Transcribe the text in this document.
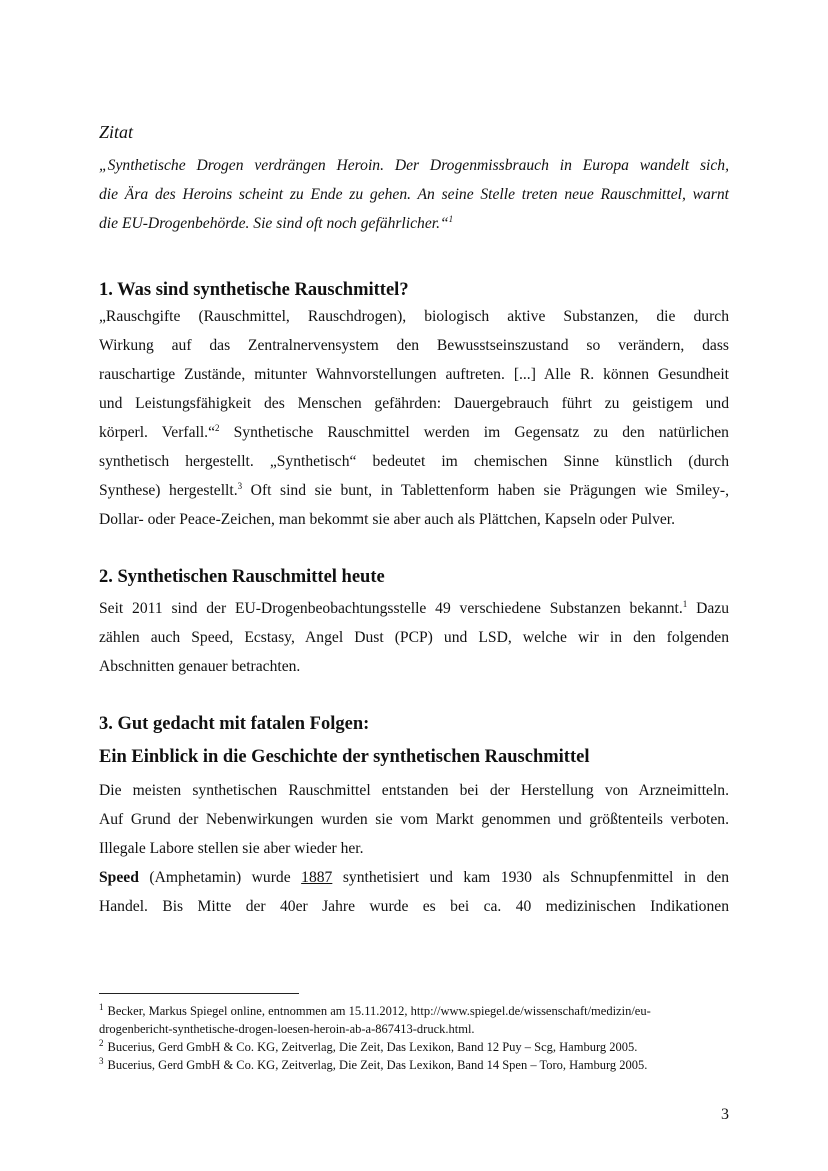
Zitat
„Synthetische Drogen verdrängen Heroin. Der Drogenmissbrauch in Europa wandelt sich,
die Ära des Heroins scheint zu Ende zu gehen. An seine Stelle treten neue Rauschmittel, warnt
die EU-Drogenbehörde. Sie sind oft noch gefährlicher.“$^1$
1. Was sind synthetische Rauschmittel?
„Rauschgifte (Rauschmittel, Rauschdrogen), biologisch aktive Substanzen, die durch
Wirkung auf das Zentralnervensystem den Bewusstseinszustand so verändern, dass
rauschartige Zustände, mitunter Wahnvorstellungen auftreten. [...] Alle R. können Gesundheit
und Leistungsfähigkeit des Menschen gefährden: Dauergebrauch führt zu geistigem und
körperl. Verfall.“$^2$ Synthetische Rauschmittel werden im Gegensatz zu den natürlichen
synthetisch hergestellt. „Synthetisch“ bedeutet im chemischen Sinne künstlich (durch
Synthese) hergestellt.$^3$ Oft sind sie bunt, in Tablettenform haben sie Prägungen wie Smiley-,
Dollar- oder Peace-Zeichen, man bekommt sie aber auch als Plättchen, Kapseln oder Pulver.
2. Synthetischen Rauschmittel heute
Seit 2011 sind der EU-Drogenbeobachtungsstelle 49 verschiedene Substanzen bekannt.$^1$ Dazu
zählen auch Speed, Ecstasy, Angel Dust (PCP) und LSD, welche wir in den folgenden
Abschnitten genauer betrachten.
3. Gut gedacht mit fatalen Folgen:
Ein Einblick in die Geschichte der synthetischen Rauschmittel
Die meisten synthetischen Rauschmittel entstanden bei der Herstellung von Arzneimitteln.
Auf Grund der Nebenwirkungen wurden sie vom Markt genommen und größtenteils verboten.
Illegale Labore stellen sie aber wieder her.
Speed (Amphetamin) wurde 1887 synthetisiert und kam 1930 als Schnupfenmittel in den
Handel. Bis Mitte der 40er Jahre wurde es bei ca. 40 medizinischen Indikationen
$^1$ Becker, Markus Spiegel online, entnommen am 15.11.2012, http://www.spiegel.de/wissenschaft/medizin/eu-
drogenbericht-synthetische-drogen-loesen-heroin-ab-a-867413-druck.html.
$^2$ Bucerius, Gerd GmbH & Co. KG, Zeitverlag, Die Zeit, Das Lexikon, Band 12 Puy – Scg, Hamburg 2005.
$^3$ Bucerius, Gerd GmbH & Co. KG, Zeitverlag, Die Zeit, Das Lexikon, Band 14 Spen – Toro, Hamburg 2005.
3
